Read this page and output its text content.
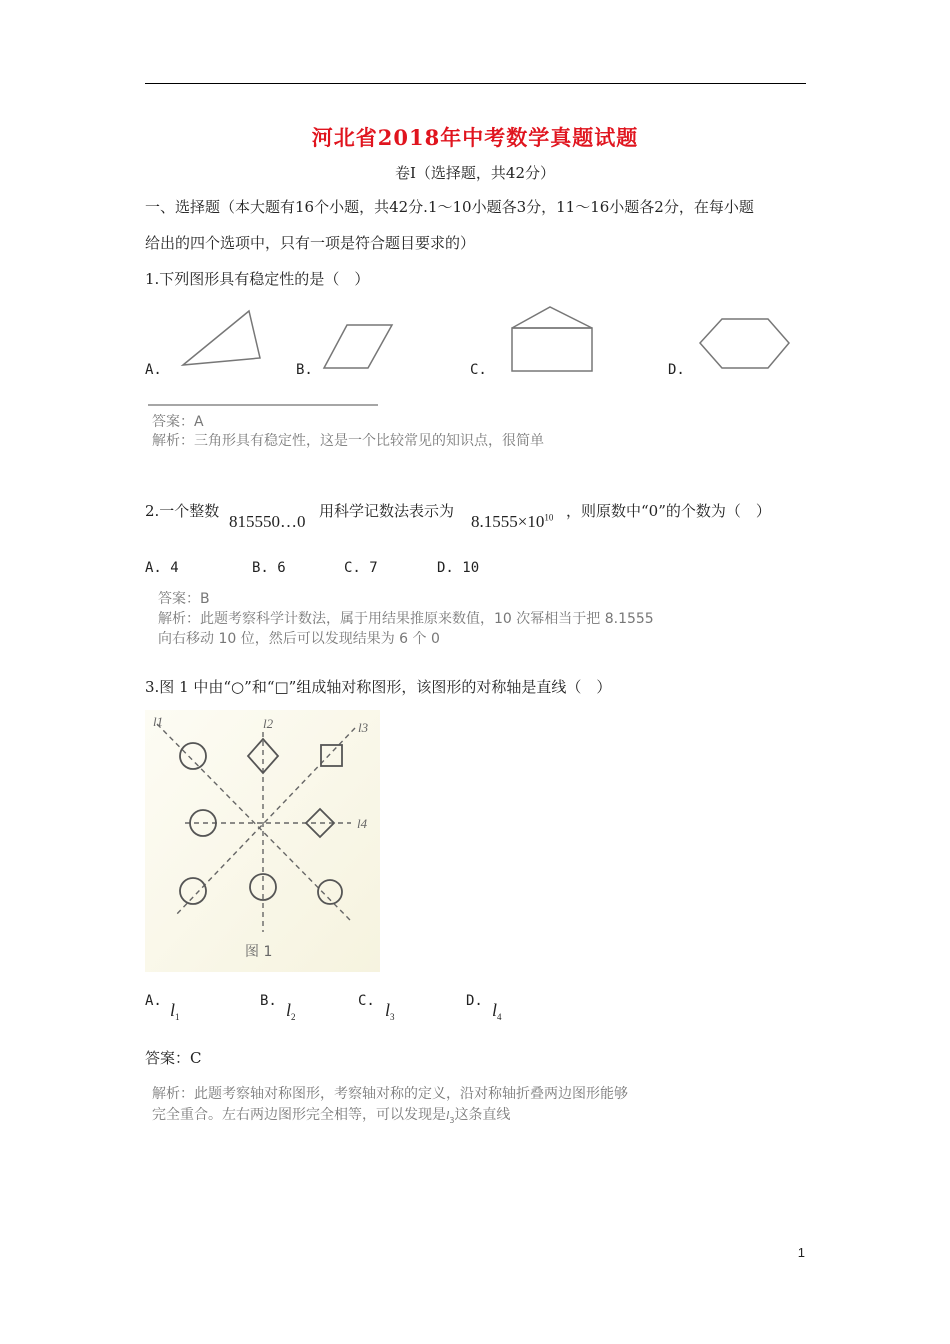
河北省2018年中考数学真题试题
卷Ⅰ（选择题，共42分）
一、选择题（本大题有16个小题，共42分.1～10小题各3分，11～16小题各2分，在每小题
给出的四个选项中，只有一项是符合题目要求的）
1.下列图形具有稳定性的是（　）
A.	B.	C.	D.
答案：A
解析：三角形具有稳定性，这是一个比较常见的知识点，很简单
2.一个整数
815550…0
用科学记数法表示为
$8.1555\times 10^{10}$ ，则原数中“0”的个数为（　）
A. 4	B. 6	C. 7	D. 10
答案：B
解析：此题考察科学计数法，属于用结果推原来数值，10 次幂相当于把 8.1555
向右移动 10 位，然后可以发现结果为 6 个 0
3.图 1 中由“○”和“□”组成轴对称图形，该图形的对称轴是直线（　）
l1	l2	l3
l4
图 1
A. $l_1$
B. $l_2$
C. $l_3$
D. $l_4$
答案：C
解析：此题考察轴对称图形，考察轴对称的定义，沿对称轴折叠两边图形能够
完全重合。左右两边图形完全相等，可以发现是$l_3$这条直线
1
